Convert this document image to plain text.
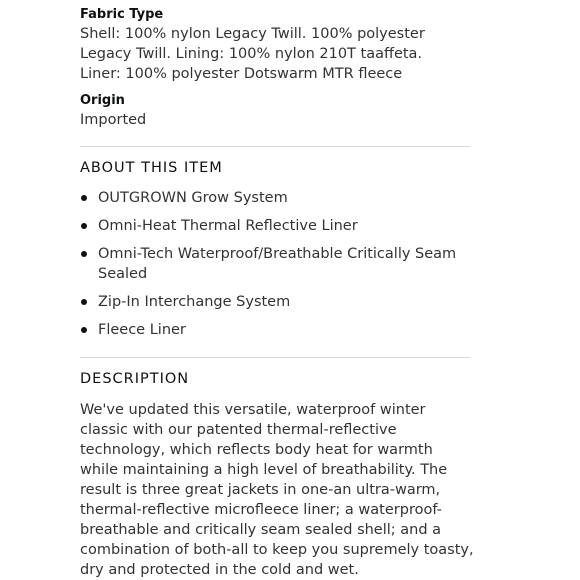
Fabric Type
Shell: 100% nylon Legacy Twill. 100% polyester Legacy Twill. Lining: 100% nylon 210T taaffeta. Liner: 100% polyester Dotswarm MTR fleece
Origin
Imported
ABOUT THIS ITEM
OUTGROWN Grow System
Omni-Heat Thermal Reflective Liner
Omni-Tech Waterproof/Breathable Critically Seam Sealed
Zip-In Interchange System
Fleece Liner
DESCRIPTION
We've updated this versatile, waterproof winter classic with our patented thermal-reflective technology, which reflects body heat for warmth while maintaining a high level of breathability. The result is three great jackets in one-an ultra-warm, thermal-reflective microfleece liner; a waterproof-breathable and critically seam sealed shell; and a combination of both-all to keep you supremely toasty, dry and protected in the cold and wet.
